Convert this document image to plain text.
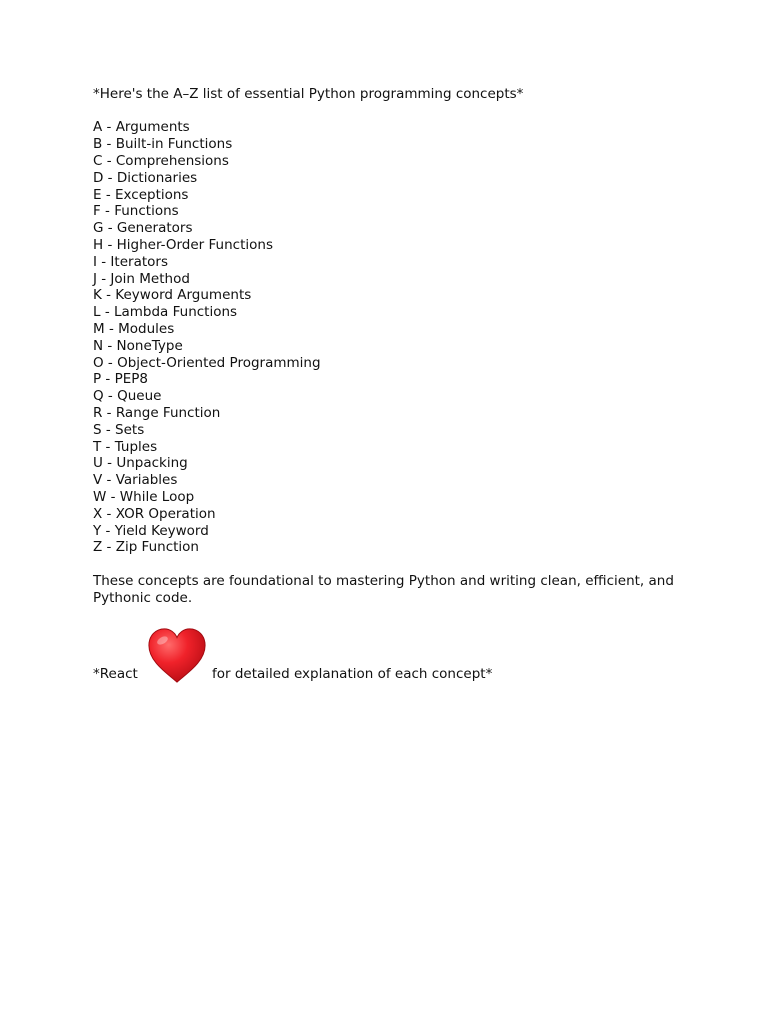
*Here's the A–Z list of essential Python programming concepts*
A - Arguments
B - Built-in Functions
C - Comprehensions
D - Dictionaries
E - Exceptions
F - Functions
G - Generators
H - Higher-Order Functions
I - Iterators
J - Join Method
K - Keyword Arguments
L - Lambda Functions
M - Modules
N - NoneType
O - Object-Oriented Programming
P - PEP8
Q - Queue
R - Range Function
S - Sets
T - Tuples
U - Unpacking
V - Variables
W - While Loop
X - XOR Operation
Y - Yield Keyword
Z - Zip Function
These concepts are foundational to mastering Python and writing clean, efficient, and Pythonic code.
*React	for detailed explanation of each concept*
